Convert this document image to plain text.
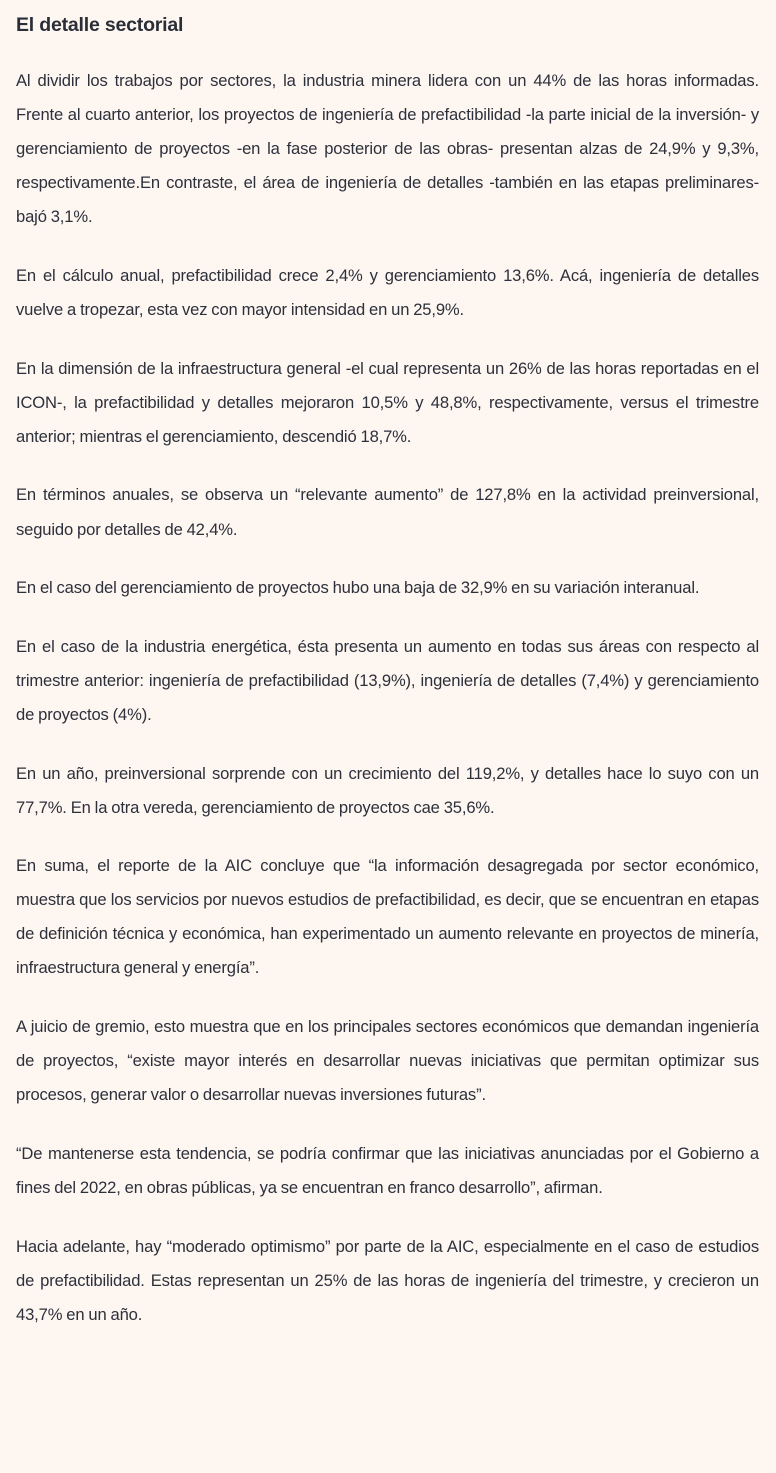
El detalle sectorial

Al dividir los trabajos por sectores, la industria minera lidera con un 44% de las horas informadas. Frente al cuarto anterior, los proyectos de ingeniería de prefactibilidad -la parte inicial de la inversión- y gerenciamiento de proyectos -en la fase posterior de las obras- presentan alzas de 24,9% y 9,3%, respectivamente.En contraste, el área de ingeniería de detalles -también en las etapas preliminares- bajó 3,1%.

En el cálculo anual, prefactibilidad crece 2,4% y gerenciamiento 13,6%. Acá, ingeniería de detalles vuelve a tropezar, esta vez con mayor intensidad en un 25,9%.

En la dimensión de la infraestructura general -el cual representa un 26% de las horas reportadas en el ICON-, la prefactibilidad y detalles mejoraron 10,5% y 48,8%, respectivamente, versus el trimestre anterior; mientras el gerenciamiento, descendió 18,7%.

En términos anuales, se observa un “relevante aumento” de 127,8% en la actividad preinversional, seguido por detalles de 42,4%.

En el caso del gerenciamiento de proyectos hubo una baja de 32,9% en su variación interanual.

En el caso de la industria energética, ésta presenta un aumento en todas sus áreas con respecto al trimestre anterior: ingeniería de prefactibilidad (13,9%), ingeniería de detalles (7,4%) y gerenciamiento de proyectos (4%).

En un año, preinversional sorprende con un crecimiento del 119,2%, y detalles hace lo suyo con un 77,7%. En la otra vereda, gerenciamiento de proyectos cae 35,6%.

En suma, el reporte de la AIC concluye que “la información desagregada por sector económico, muestra que los servicios por nuevos estudios de prefactibilidad, es decir, que se encuentran en etapas de definición técnica y económica, han experimentado un aumento relevante en proyectos de minería, infraestructura general y energía”.

A juicio de gremio, esto muestra que en los principales sectores económicos que demandan ingeniería de proyectos, “existe mayor interés en desarrollar nuevas iniciativas que permitan optimizar sus procesos, generar valor o desarrollar nuevas inversiones futuras”.

“De mantenerse esta tendencia, se podría confirmar que las iniciativas anunciadas por el Gobierno a fines del 2022, en obras públicas, ya se encuentran en franco desarrollo”, afirman.

Hacia adelante, hay “moderado optimismo” por parte de la AIC, especialmente en el caso de estudios de prefactibilidad. Estas representan un 25% de las horas de ingeniería del trimestre, y crecieron un 43,7% en un año.
